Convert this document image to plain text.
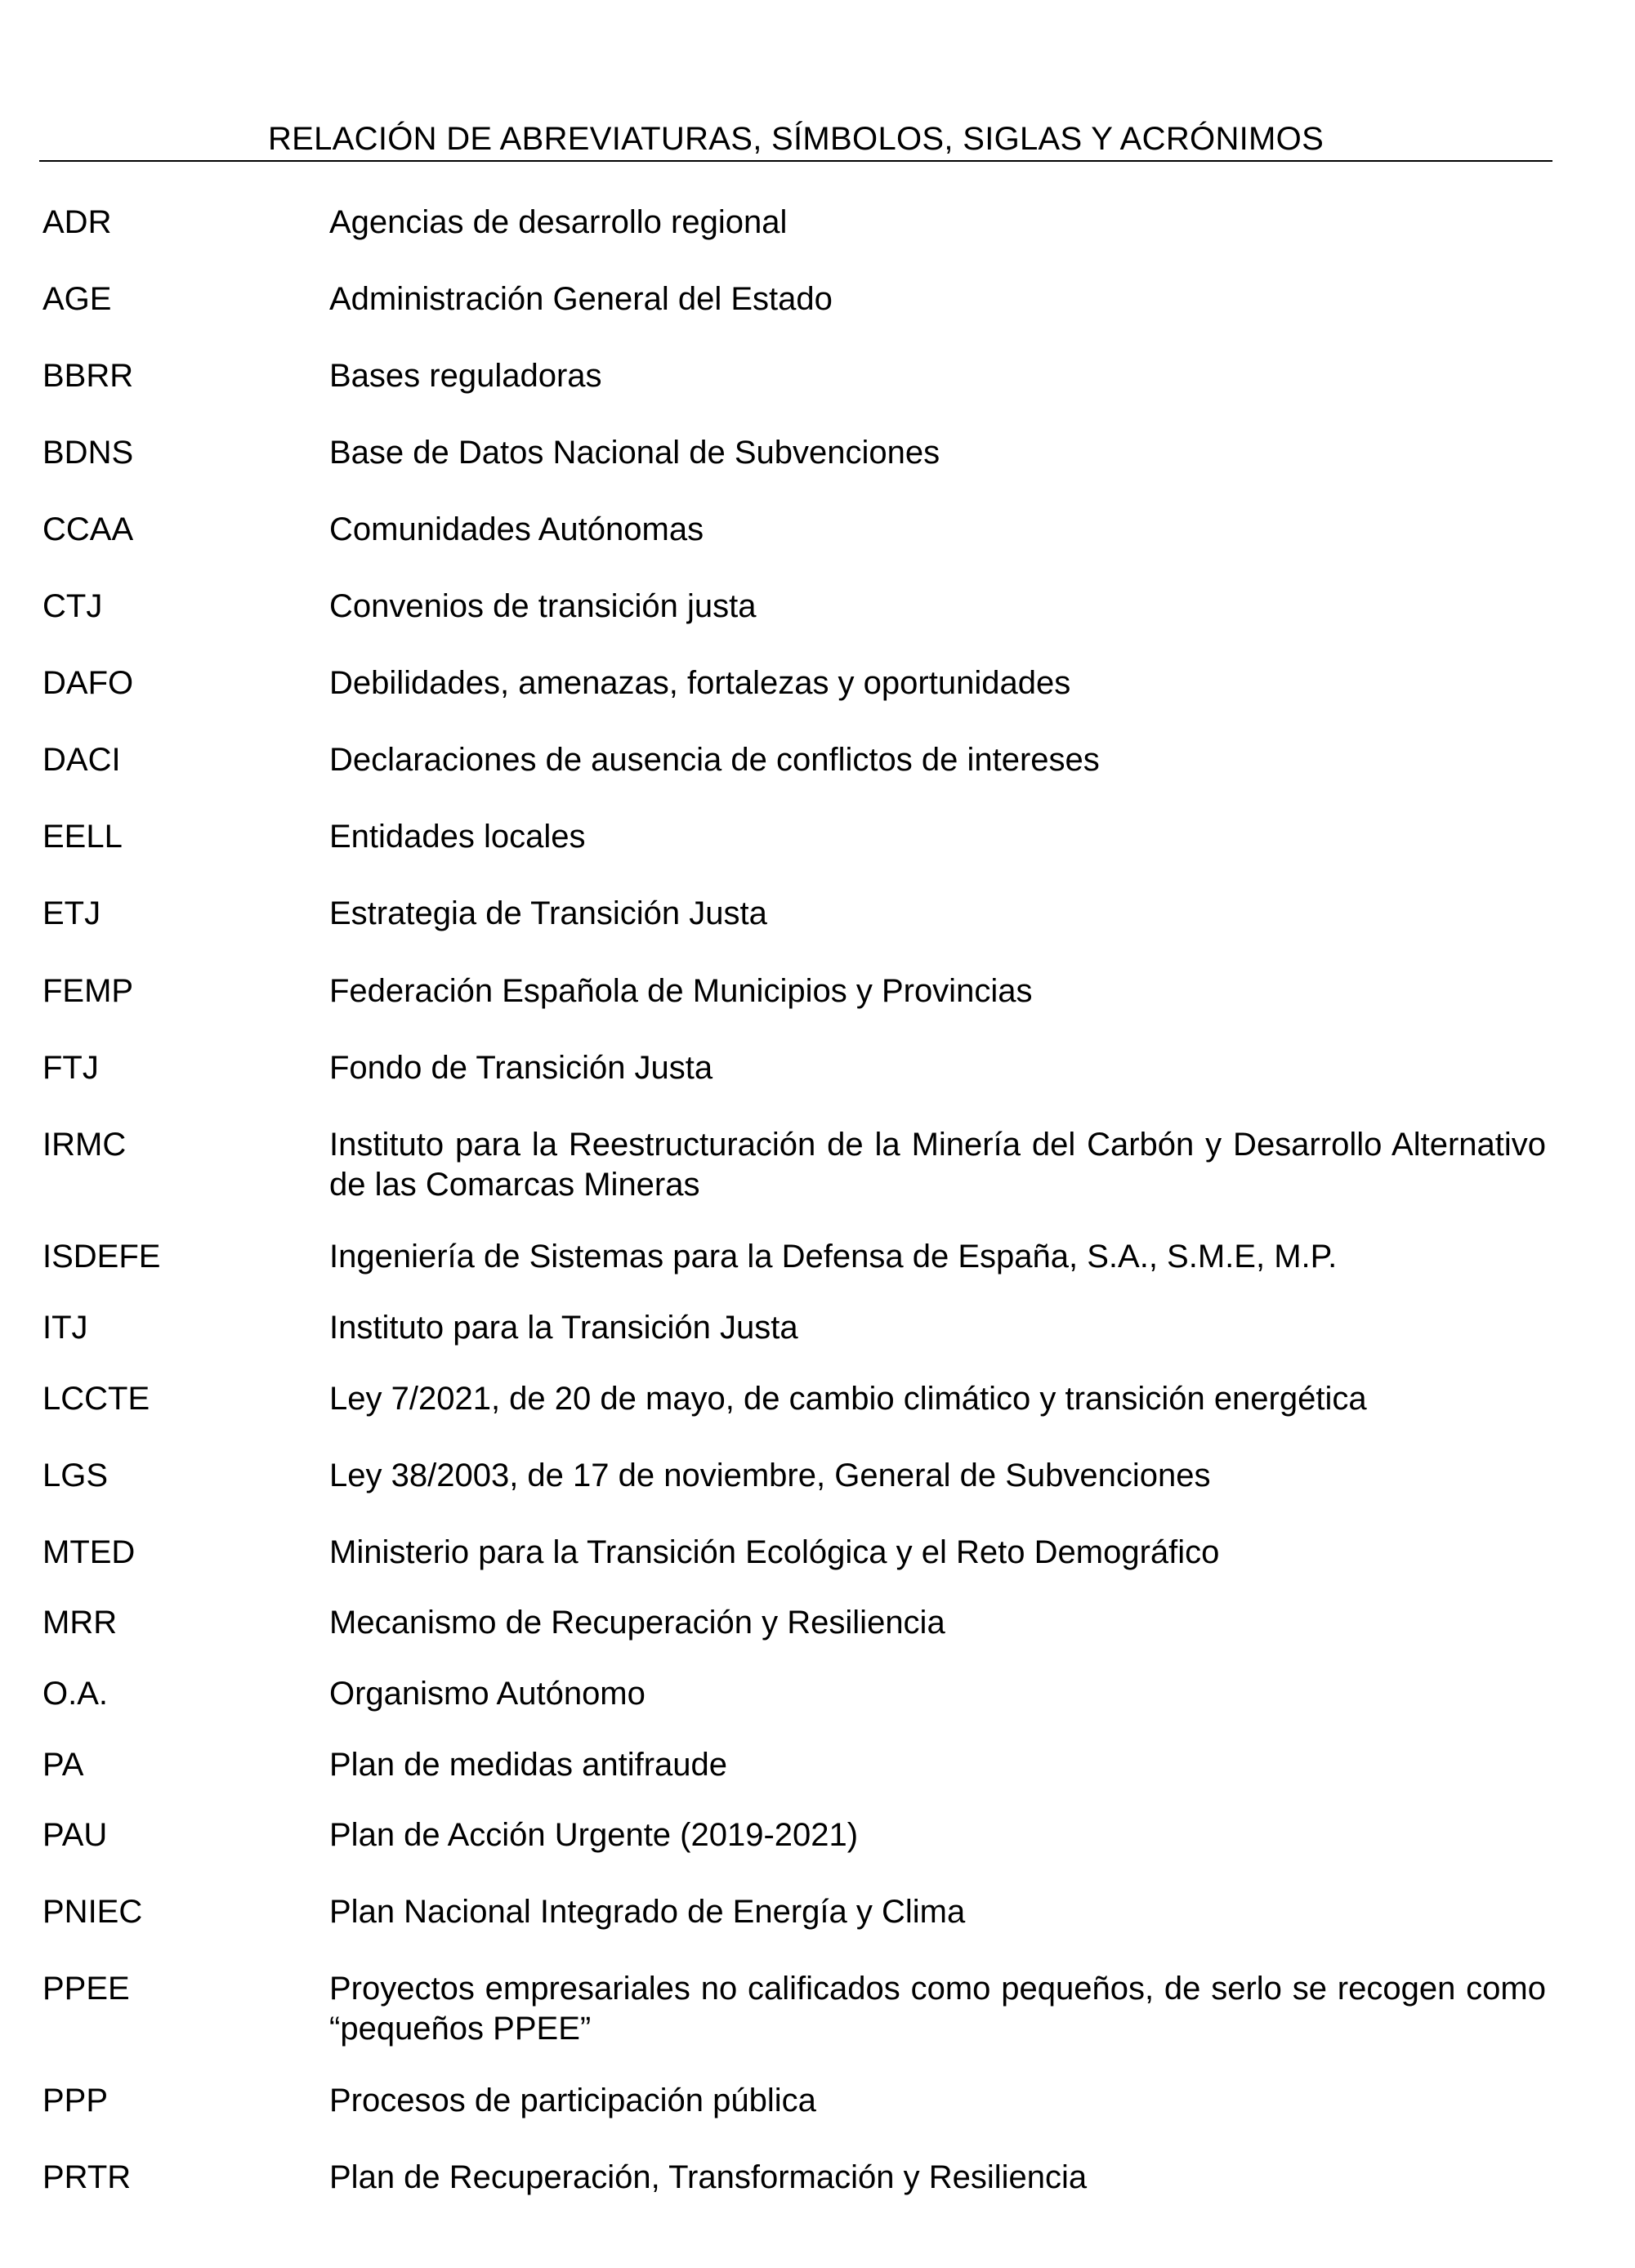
RELACIÓN DE ABREVIATURAS, SÍMBOLOS, SIGLAS Y ACRÓNIMOS
ADR	Agencias de desarrollo regional
AGE	Administración General del Estado
BBRR	Bases reguladoras
BDNS	Base de Datos Nacional de Subvenciones
CCAA	Comunidades Autónomas
CTJ	Convenios de transición justa
DAFO	Debilidades, amenazas, fortalezas y oportunidades
DACI	Declaraciones de ausencia de conflictos de intereses
EELL	Entidades locales
ETJ	Estrategia de Transición Justa
FEMP	Federación Española de Municipios y Provincias
FTJ	Fondo de Transición Justa
IRMC	Instituto para la Reestructuración de la Minería del Carbón y Desarrollo Alternativo de las Comarcas Mineras
ISDEFE	Ingeniería de Sistemas para la Defensa de España, S.A., S.M.E, M.P.
ITJ	Instituto para la Transición Justa
LCCTE	Ley 7/2021, de 20 de mayo, de cambio climático y transición energética
LGS	Ley 38/2003, de 17 de noviembre, General de Subvenciones
MTED	Ministerio para la Transición Ecológica y el Reto Demográfico
MRR	Mecanismo de Recuperación y Resiliencia
O.A.	Organismo Autónomo
PA	Plan de medidas antifraude
PAU	Plan de Acción Urgente (2019-2021)
PNIEC	Plan Nacional Integrado de Energía y Clima
PPEE	Proyectos empresariales no calificados como pequeños, de serlo se recogen como “pequeños PPEE”
PPP	Procesos de participación pública
PRTR	Plan de Recuperación, Transformación y Resiliencia
